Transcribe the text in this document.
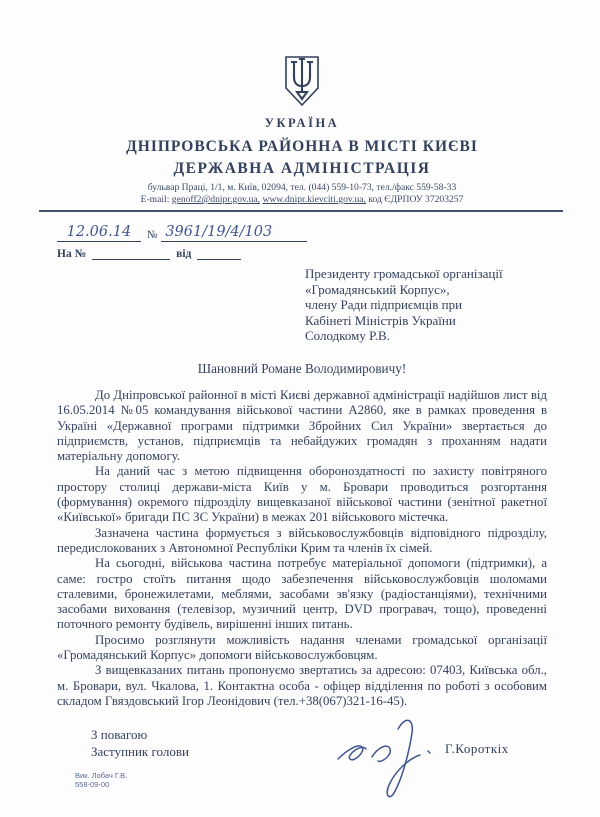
УКРАЇНА
ДНІПРОВСЬКА РАЙОННА В МІСТІ КИЄВІ
ДЕРЖАВНА АДМІНІСТРАЦІЯ
бульвар Праці, 1/1, м. Київ, 02094, тел. (044) 559-10-73, тел./факс 559-58-33
E-mail: genoff2@dnipr.gov.ua, www.dnipr.kievciti.gov.ua, код ЄДРПОУ 37203257
12.06.14	№ 3961/19/4/103
На №	від
Президенту громадської організації
«Громадянський Корпус»,
члену Ради підприємців при
Кабінеті Міністрів України
Солодкому Р.В.
Шановний Романе Володимировичу!

До Дніпровської районної в місті Києві державної адміністрації надійшов лист від 16.05.2014 №05 командування військової частини А2860, яке в рамках проведення в Україні «Державної програми підтримки Збройних Сил України» звертається до підприємств, установ, підприємців та небайдужих громадян з проханням надати матеріальну допомогу.

На даний час з метою підвищення обороноздатності по захисту повітряного простору столиці держави-міста Київ у м. Бровари проводиться розгортання (формування) окремого підрозділу вищевказаної військової частини (зенітної ракетної «Київської» бригади ПС ЗС України) в межах 201 військового містечка.

Зазначена частина формується з військовослужбовців відповідного підрозділу, передислокованих з Автономної Республіки Крим та членів їх сімей.

На сьогодні, військова частина потребує матеріальної допомоги (підтримки), а саме: гостро стоїть питання щодо забезпечення військовослужбовців шоломами сталевими, бронежилетами, меблями, засобами зв'язку (радіостанціями), технічними засобами виховання (телевізор, музичний центр, DVD програвач, тощо), проведенні поточного ремонту будівель, вирішенні інших питань.

Просимо розглянути можливість надання членами громадської організації «Громадянський Корпус» допомоги військовослужбовцям.

З вищевказаних питань пропонуємо звертатись за адресою: 07403, Київська обл., м. Бровари, вул. Чкалова, 1. Контактна особа - офіцер відділення по роботі з особовим складом Гвяздовський Ігор Леонідович (тел.+38(067)321-16-45).

З повагою
Заступник голови	Г.Короткіх
Вик. Лобач Г.В.
558-09-00
